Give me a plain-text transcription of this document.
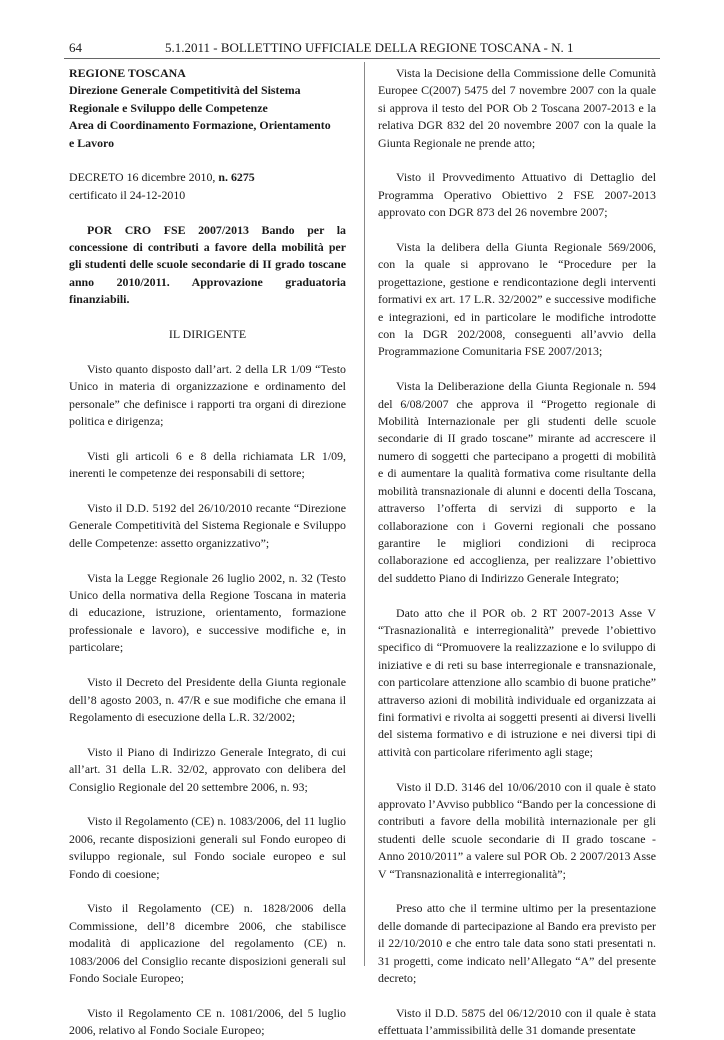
64	5.1.2011 - BOLLETTINO UFFICIALE DELLA REGIONE TOSCANA - N. 1
REGIONE TOSCANA
Direzione Generale Competitività del Sistema
Regionale e Sviluppo delle Competenze
Area di Coordinamento Formazione, Orientamento
e Lavoro
DECRETO 16 dicembre 2010, n. 6275
certificato il 24-12-2010

POR CRO FSE 2007/2013 Bando per la concessione di contributi a favore della mobilità per gli studenti delle scuole secondarie di II grado toscane anno 2010/2011. Approvazione graduatoria finanziabili.

IL DIRIGENTE

Visto quanto disposto dall’art. 2 della LR 1/09 “Testo Unico in materia di organizzazione e ordinamento del personale” che definisce i rapporti tra organi di direzione politica e dirigenza;

Visti gli articoli 6 e 8 della richiamata LR 1/09, inerenti le competenze dei responsabili di settore;

Visto il D.D. 5192 del 26/10/2010 recante “Direzione Generale Competitività del Sistema Regionale e Sviluppo delle Competenze: assetto organizzativo”;

Vista la Legge Regionale 26 luglio 2002, n. 32 (Testo Unico della normativa della Regione Toscana in materia di educazione, istruzione, orientamento, formazione professionale e lavoro), e successive modifiche e, in particolare;

Visto il Decreto del Presidente della Giunta regionale dell’8 agosto 2003, n. 47/R e sue modifiche che emana il Regolamento di esecuzione della L.R. 32/2002;

Visto il Piano di Indirizzo Generale Integrato, di cui all’art. 31 della L.R. 32/02, approvato con delibera del Consiglio Regionale del 20 settembre 2006, n. 93;

Visto il Regolamento (CE) n. 1083/2006, del 11 luglio 2006, recante disposizioni generali sul Fondo europeo di sviluppo regionale, sul Fondo sociale europeo e sul Fondo di coesione;

Visto il Regolamento (CE) n. 1828/2006 della Commissione, dell’8 dicembre 2006, che stabilisce modalità di applicazione del regolamento (CE) n. 1083/2006 del Consiglio recante disposizioni generali sul Fondo Sociale Europeo;

Visto il Regolamento CE n. 1081/2006, del 5 luglio 2006, relativo al Fondo Sociale Europeo;

Vista la Decisione della Commissione delle Comunità Europee C(2007) 5475 del 7 novembre 2007 con la quale si approva il testo del POR Ob 2 Toscana 2007-2013 e la relativa DGR 832 del 20 novembre 2007 con la quale la Giunta Regionale ne prende atto;

Visto il Provvedimento Attuativo di Dettaglio del Programma Operativo Obiettivo 2 FSE 2007-2013 approvato con DGR 873 del 26 novembre 2007;

Vista la delibera della Giunta Regionale 569/2006, con la quale si approvano le “Procedure per la progettazione, gestione e rendicontazione degli interventi formativi ex art. 17 L.R. 32/2002” e successive modifiche e integrazioni, ed in particolare le modifiche introdotte con la DGR 202/2008, conseguenti all’avvio della Programmazione Comunitaria FSE 2007/2013;

Vista la Deliberazione della Giunta Regionale n. 594 del 6/08/2007 che approva il “Progetto regionale di Mobilità Internazionale per gli studenti delle scuole secondarie di II grado toscane” mirante ad accrescere il numero di soggetti che partecipano a progetti di mobilità e di aumentare la qualità formativa come risultante della mobilità transnazionale di alunni e docenti della Toscana, attraverso l’offerta di servizi di supporto e la collaborazione con i Governi regionali che possano garantire le migliori condizioni di reciproca collaborazione ed accoglienza, per realizzare l’obiettivo del suddetto Piano di Indirizzo Generale Integrato;

Dato atto che il POR ob. 2 RT 2007-2013 Asse V “Trasnazionalità e interregionalità” prevede l’obiettivo specifico di “Promuovere la realizzazione e lo sviluppo di iniziative e di reti su base interregionale e transnazionale, con particolare attenzione allo scambio di buone pratiche” attraverso azioni di mobilità individuale ed organizzata ai fini formativi e rivolta ai soggetti presenti ai diversi livelli del sistema formativo e di istruzione e nei diversi tipi di attività con particolare riferimento agli stage;

Visto il D.D. 3146 del 10/06/2010 con il quale è stato approvato l’Avviso pubblico “Bando per la concessione di contributi a favore della mobilità internazionale per gli studenti delle scuole secondarie di II grado toscane - Anno 2010/2011” a valere sul POR Ob. 2 2007/2013 Asse V “Transnazionalità e interregionalità”;

Preso atto che il termine ultimo per la presentazione delle domande di partecipazione al Bando era previsto per il 22/10/2010 e che entro tale data sono stati presentati n. 31 progetti, come indicato nell’Allegato “A” del presente decreto;

Visto il D.D. 5875 del 06/12/2010 con il quale è stata effettuata l’ammissibilità delle 31 domande presentate
